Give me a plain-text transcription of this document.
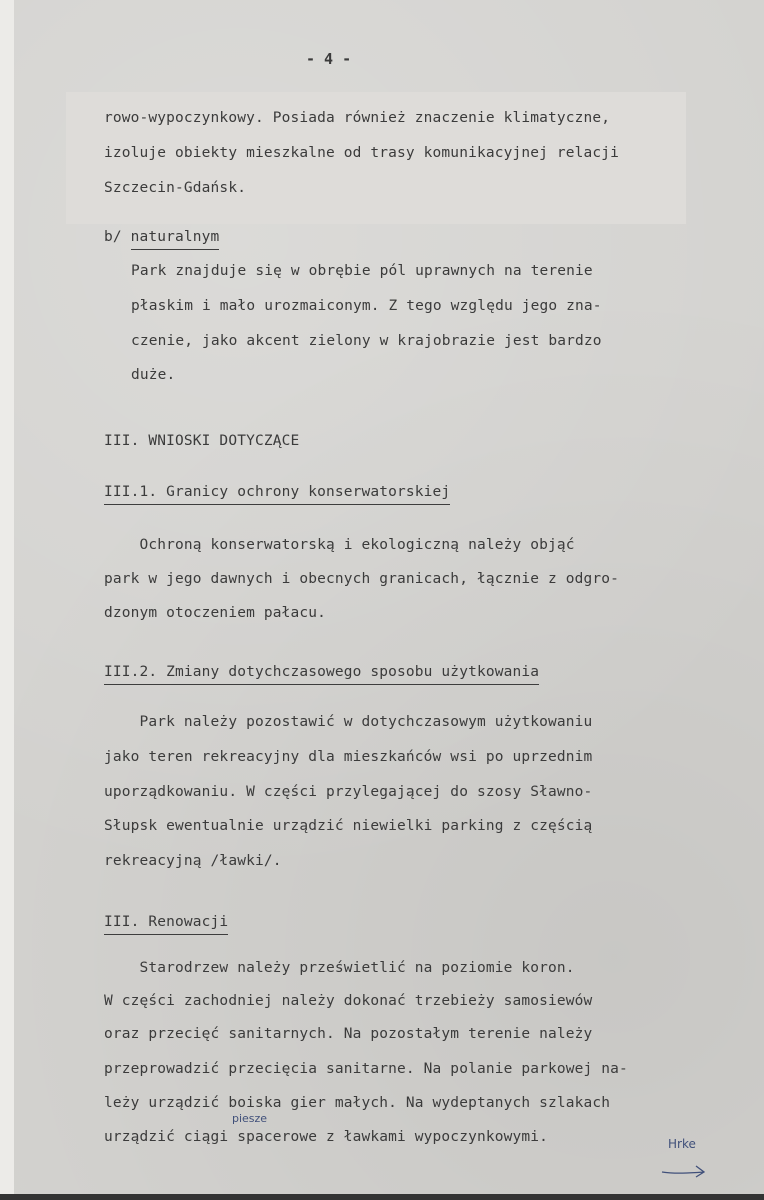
- 4 -
rowo-wypoczynkowy. Posiada również znaczenie klimatyczne,
izoluje obiekty mieszkalne od trasy komunikacyjnej relacji
Szczecin-Gdańsk.
b/ naturalnym
Park znajduje się w obrębie pól uprawnych na terenie
płaskim i mało urozmaiconym. Z tego względu jego zna-
czenie, jako akcent zielony w krajobrazie jest bardzo
duże.
III. WNIOSKI DOTYCZĄCE
III.1. Granicy ochrony konserwatorskiej
Ochroną konserwatorską i ekologiczną należy objąć
park w jego dawnych i obecnych granicach, łącznie z odgro-
dzonym otoczeniem pałacu.
III.2. Zmiany dotychczasowego sposobu użytkowania
Park należy pozostawić w dotychczasowym użytkowaniu
jako teren rekreacyjny dla mieszkańców wsi po uprzednim
uporządkowaniu. W części przylegającej do szosy Sławno-
Słupsk ewentualnie urządzić niewielki parking z częścią
rekreacyjną /ławki/.
III. Renowacji
Starodrzew należy prześwietlić na poziomie koron.
W części zachodniej należy dokonać trzebieży samosiewów
oraz przecięć sanitarnych. Na pozostałym terenie należy
przeprowadzić przecięcia sanitarne. Na polanie parkowej na-
leży urządzić boiska gier małych. Na wydeptanych szlakach
urządzić ciągi spacerowe z ławkami wypoczynkowymi.
piesze
Hrke
